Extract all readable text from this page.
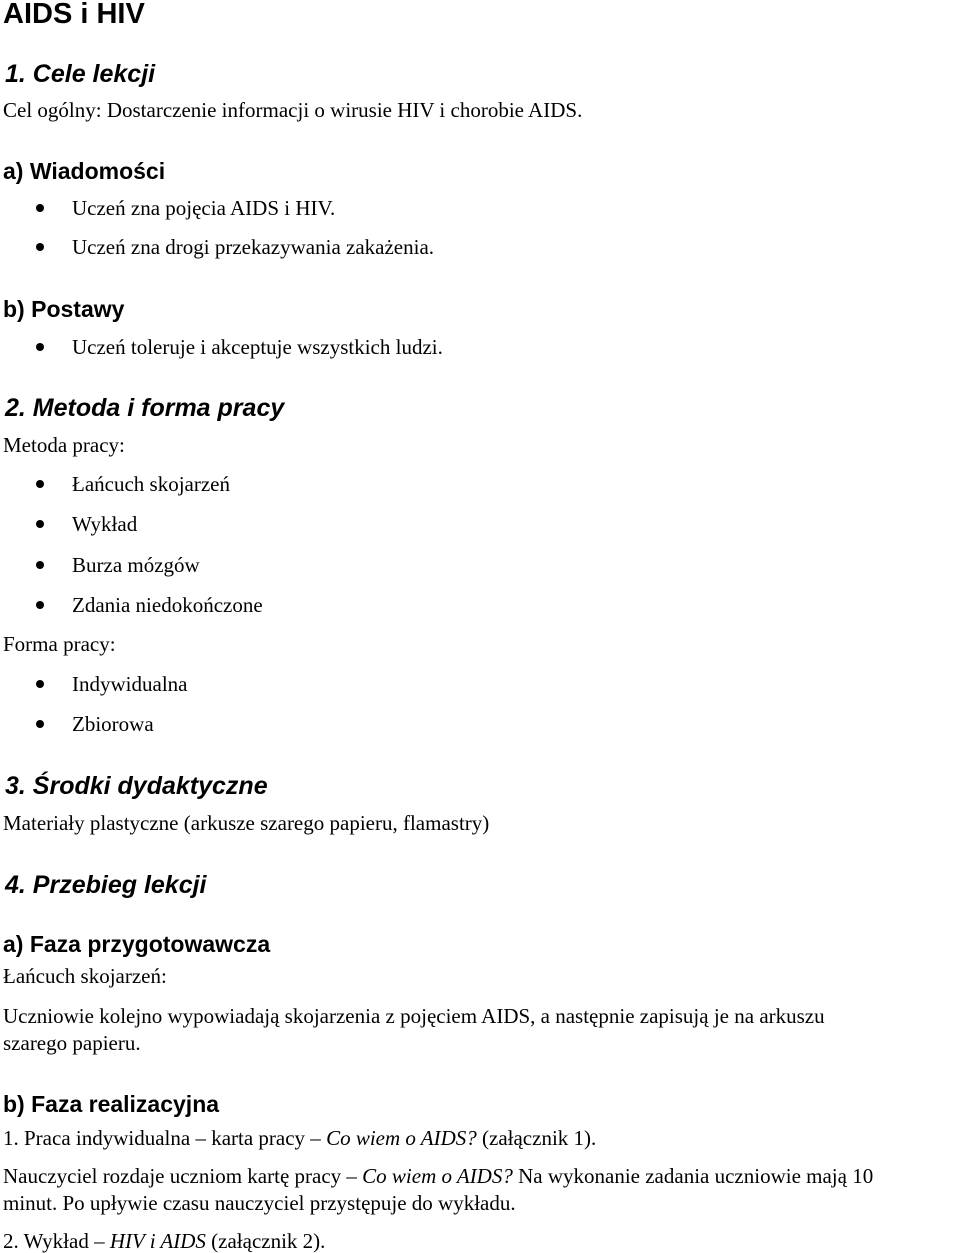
AIDS i HIV
1. Cele lekcji
Cel ogólny: Dostarczenie informacji o wirusie HIV i chorobie AIDS.
a) Wiadomości
Uczeń zna pojęcia AIDS i HIV.
Uczeń zna drogi przekazywania zakażenia.
b) Postawy
Uczeń toleruje i akceptuje wszystkich ludzi.
2. Metoda i forma pracy
Metoda pracy:
Łańcuch skojarzeń
Wykład
Burza mózgów
Zdania niedokończone
Forma pracy:
Indywidualna
Zbiorowa
3. Środki dydaktyczne
Materiały plastyczne (arkusze szarego papieru, flamastry)
4. Przebieg lekcji
a) Faza przygotowawcza
Łańcuch skojarzeń:
Uczniowie kolejno wypowiadają skojarzenia z pojęciem AIDS, a następnie zapisują je na arkuszu
szarego papieru.
b) Faza realizacyjna
1. Praca indywidualna – karta pracy – Co wiem o AIDS? (załącznik 1).
Nauczyciel rozdaje uczniom kartę pracy – Co wiem o AIDS? Na wykonanie zadania uczniowie mają 10
minut. Po upływie czasu nauczyciel przystępuje do wykładu.
2. Wykład – HIV i AIDS (załącznik 2).
